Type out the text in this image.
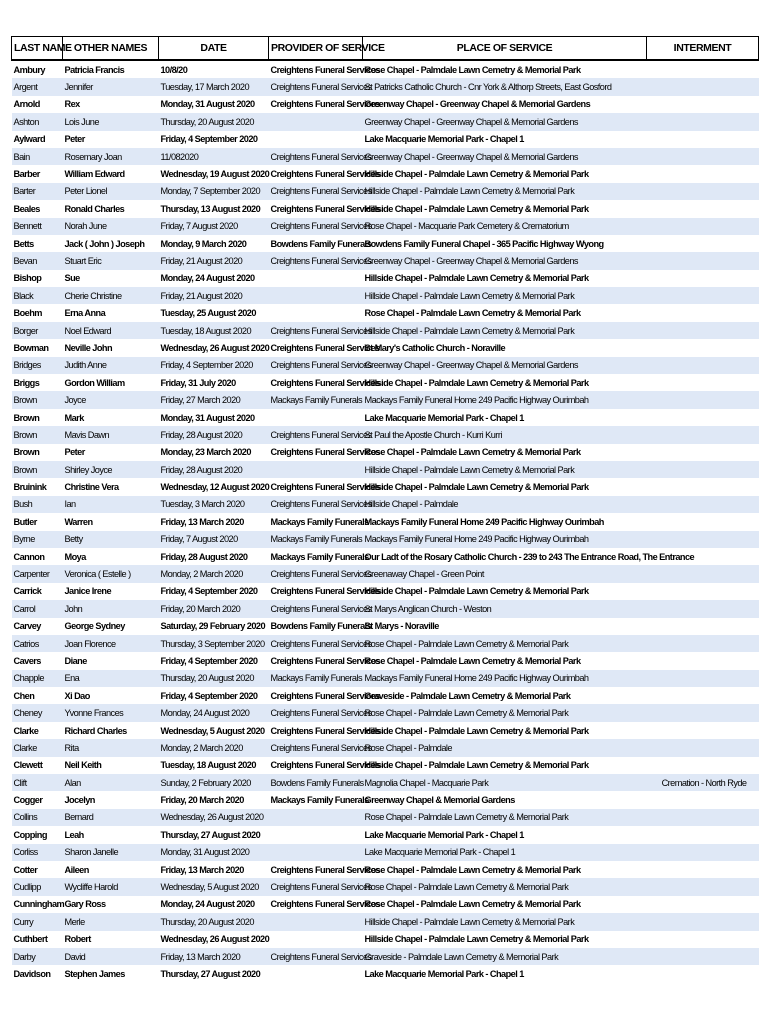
LAST NAME	OTHER NAMES	DATE	PROVIDER OF SERVICE	PLACE OF SERVICE	INTERMENT
Ambury	Patricia Francis	10/8/20	Creightens Funeral Services	Rose Chapel - Palmdale Lawn Cemetry & Memorial Park	
Argent	Jennifer	Tuesday, 17 March 2020	Creightens Funeral Services	St Patricks Catholic Church - Cnr York & Althorp Streets, East Gosford	
Arnold	Rex	Monday, 31 August 2020	Creightens Funeral Services	Greenway Chapel - Greenway Chapel & Memorial Gardens	
Ashton	Lois June	Thursday, 20 August 2020		Greenway Chapel - Greenway Chapel & Memorial Gardens	
Aylward	Peter	Friday, 4 September 2020		Lake Macquarie Memorial Park - Chapel 1	
Bain	Rosemary Joan	11/082020	Creightens Funeral Services	Greenway Chapel - Greenway Chapel & Memorial Gardens	
Barber	William Edward	Wednesday, 19 August 2020	Creightens Funeral Services	Hillside Chapel - Palmdale Lawn Cemetry & Memorial Park	
Barter	Peter Lionel	Monday, 7 September 2020	Creightens Funeral Services	Hillside Chapel - Palmdale Lawn Cemetry & Memorial Park	
Beales	Ronald Charles	Thursday, 13 August 2020	Creightens Funeral Services	Hillside Chapel - Palmdale Lawn Cemetry & Memorial Park	
Bennett	Norah June	Friday, 7 August 2020	Creightens Funeral Services	Rose Chapel - Macquarie Park Cemetery & Crematorium	
Betts	Jack ( John ) Joseph	Monday, 9 March 2020	Bowdens Family Funerals	Bowdens Family Funeral Chapel - 365 Pacific Highway Wyong	
Bevan	Stuart Eric	Friday, 21 August 2020	Creightens Funeral Services	Greenway Chapel - Greenway Chapel & Memorial Gardens	
Bishop	Sue	Monday, 24 August 2020		Hillside Chapel - Palmdale Lawn Cemetry & Memorial Park	
Black	Cherie Christine	Friday, 21 August 2020		Hillside Chapel - Palmdale Lawn Cemetry & Memorial Park	
Boehm	Erna Anna	Tuesday, 25 August 2020		Rose Chapel - Palmdale Lawn Cemetry & Memorial Park	
Borger	Noel Edward	Tuesday, 18 August 2020	Creightens Funeral Services	Hillside Chapel - Palmdale Lawn Cemetry & Memorial Park	
Bowman	Neville John	Wednesday, 26 August 2020	Creightens Funeral Services	St Mary's Catholic Church - Noraville	
Bridges	Judith Anne	Friday, 4 September 2020	Creightens Funeral Services	Greenway Chapel - Greenway Chapel & Memorial Gardens	
Briggs	Gordon William	Friday, 31 July 2020	Creightens Funeral Services	Hillside Chapel - Palmdale Lawn Cemetry & Memorial Park	
Brown	Joyce	Friday, 27 March 2020	Mackays Family Funerals	Mackays Family Funeral Home 249 Pacific Highway Ourimbah	
Brown	Mark	Monday, 31 August 2020		Lake Macquarie Memorial Park - Chapel 1	
Brown	Mavis Dawn	Friday, 28 August 2020	Creightens Funeral Services	St Paul the Apostle Church - Kurri Kurri	
Brown	Peter	Monday, 23 March 2020	Creightens Funeral Services	Rose Chapel - Palmdale Lawn Cemetry & Memorial Park	
Brown	Shirley Joyce	Friday, 28 August 2020		Hillside Chapel - Palmdale Lawn Cemetry & Memorial Park	
Bruinink	Christine Vera	Wednesday, 12 August 2020	Creightens Funeral Services	Hillside Chapel - Palmdale Lawn Cemetry & Memorial Park	
Bush	Ian	Tuesday, 3 March 2020	Creightens Funeral Services	Hillside Chapel - Palmdale	
Butler	Warren	Friday, 13 March 2020	Mackays Family Funerals	Mackays Family Funeral Home 249 Pacific Highway Ourimbah	
Byrne	Betty	Friday, 7 August 2020	Mackays Family Funerals	Mackays Family Funeral Home 249 Pacific Highway Ourimbah	
Cannon	Moya	Friday, 28 August 2020	Mackays Family Funerals	Our Ladt of the Rosary Catholic Church - 239 to 243 The Entrance Road, The Entrance	
Carpenter	Veronica ( Estelle )	Monday, 2 March 2020	Creightens Funeral Services	Greenaway Chapel - Green Point	
Carrick	Janice Irene	Friday, 4 September 2020	Creightens Funeral Services	Hillside Chapel - Palmdale Lawn Cemetry & Memorial Park	
Carrol	John	Friday, 20 March 2020	Creightens Funeral Services	St Marys Anglican Church - Weston	
Carvey	George Sydney	Saturday, 29 February 2020	Bowdens Family Funerals	St Marys - Noraville	
Catrios	Joan Florence	Thursday, 3 September 2020	Creightens Funeral Services	Rose Chapel - Palmdale Lawn Cemetry & Memorial Park	
Cavers	Diane	Friday, 4 September 2020	Creightens Funeral Services	Rose Chapel - Palmdale Lawn Cemetry & Memorial Park	
Chapple	Ena	Thursday, 20 August 2020	Mackays Family Funerals	Mackays Family Funeral Home 249 Pacific Highway Ourimbah	
Chen	Xi Dao	Friday, 4 September 2020	Creightens Funeral Services	Graveside - Palmdale Lawn Cemetry & Memorial Park	
Cheney	Yvonne Frances	Monday, 24 August 2020	Creightens Funeral Services	Rose Chapel - Palmdale Lawn Cemetry & Memorial Park	
Clarke	Richard Charles	Wednesday, 5 August 2020	Creightens Funeral Services	Hillside Chapel - Palmdale Lawn Cemetry & Memorial Park	
Clarke	Rita	Monday, 2 March 2020	Creightens Funeral Services	Rose Chapel - Palmdale	
Clewett	Neil Keith	Tuesday, 18 August 2020	Creightens Funeral Services	Hillside Chapel - Palmdale Lawn Cemetry & Memorial Park	
Clift	Alan	Sunday, 2 February 2020	Bowdens Family Funerals	Magnolia Chapel - Macquarie Park	Cremation - North Ryde
Cogger	Jocelyn	Friday, 20 March 2020	Mackays Family Funerals	Greenway Chapel & Memorial Gardens	
Collins	Bernard	Wednesday, 26 August 2020		Rose Chapel - Palmdale Lawn Cemetry & Memorial Park	
Copping	Leah	Thursday, 27 August 2020		Lake Macquarie Memorial Park - Chapel 1	
Corliss	Sharon Janelle	Monday, 31 August 2020		Lake Macquarie Memorial Park - Chapel 1	
Cotter	Aileen	Friday, 13 March 2020	Creightens Funeral Services	Rose Chapel - Palmdale Lawn Cemetry & Memorial Park	
Cudlipp	Wycliffe Harold	Wednesday, 5 August 2020	Creightens Funeral Services	Rose Chapel - Palmdale Lawn Cemetry & Memorial Park	
Cunningham	Gary Ross	Monday, 24 August 2020	Creightens Funeral Services	Rose Chapel - Palmdale Lawn Cemetry & Memorial Park	
Curry	Merle	Thursday, 20 August 2020		Hillside Chapel - Palmdale Lawn Cemetry & Memorial Park	
Cuthbert	Robert	Wednesday, 26 August 2020		Hillside Chapel - Palmdale Lawn Cemetry & Memorial Park	
Darby	David	Friday, 13 March 2020	Creightens Funeral Services	Graveside - Palmdale Lawn Cemetry & Memorial Park	
Davidson	Stephen James	Thursday, 27 August 2020		Lake Macquarie Memorial Park - Chapel 1	
